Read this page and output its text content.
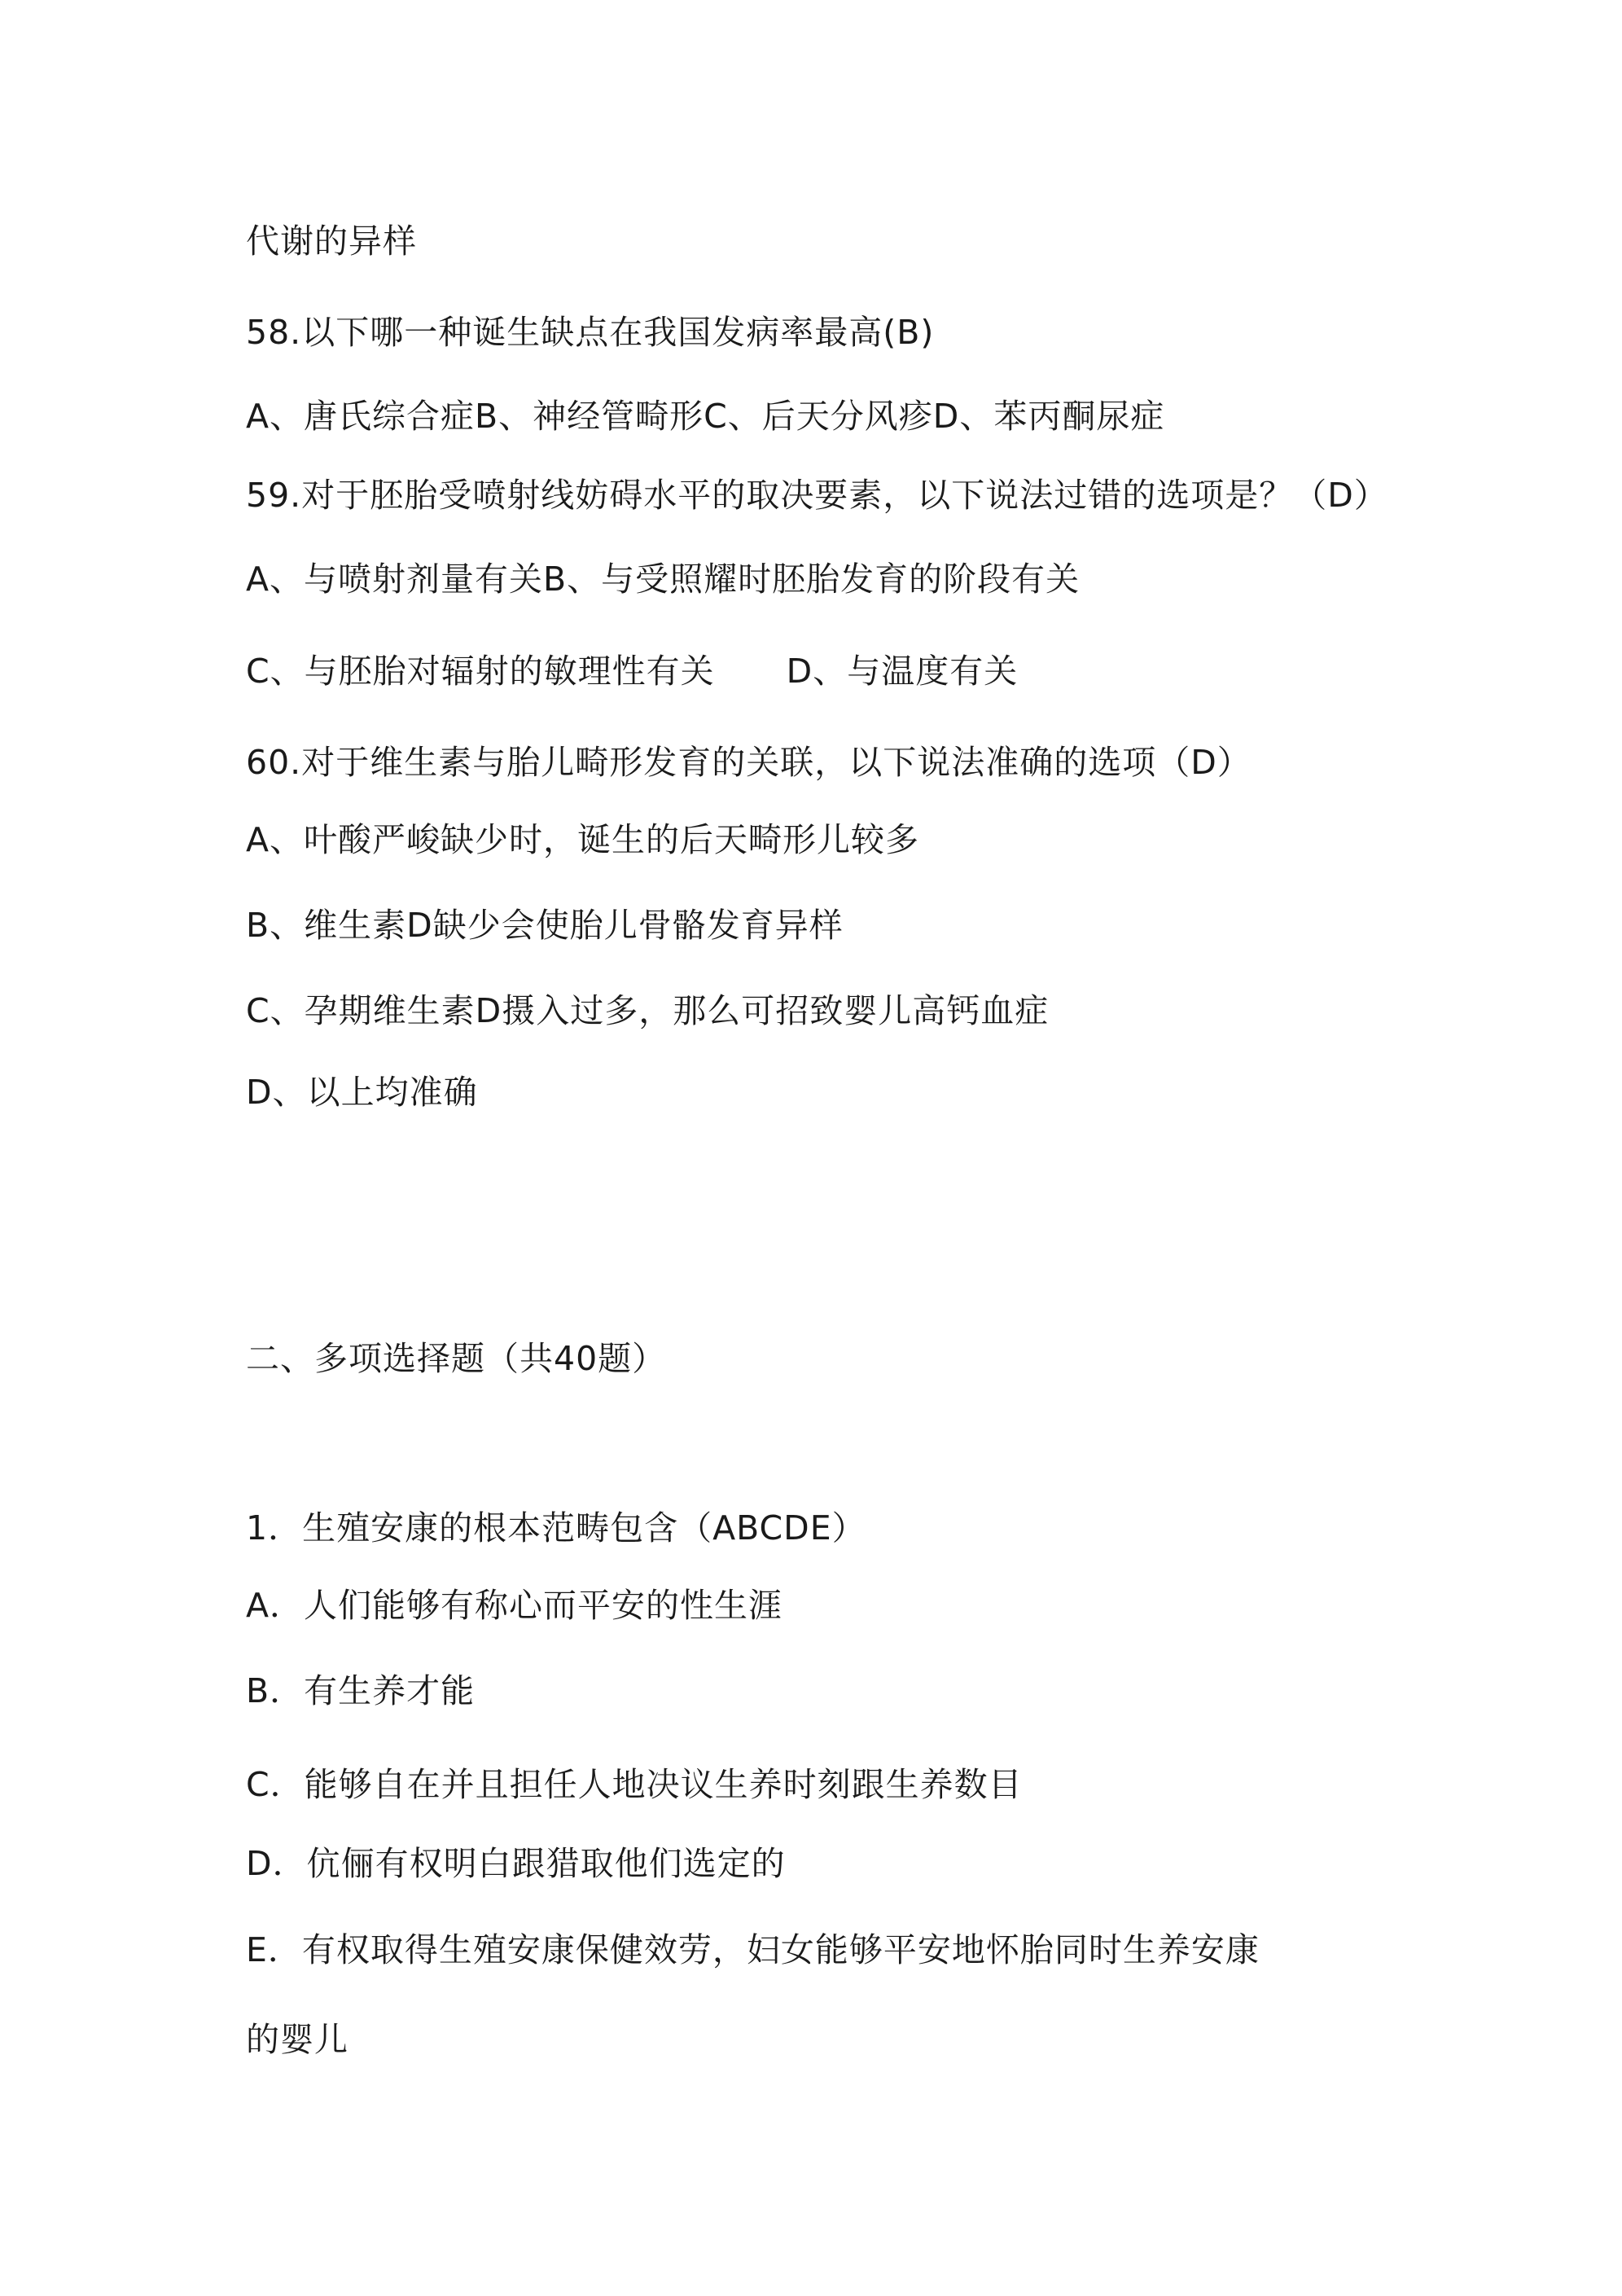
代谢的异样
58.以下哪一种诞生缺点在我国发病率最高(B)
A、唐氏综合症B、神经管畸形C、后天分风疹D、苯丙酮尿症
59.对于胚胎受喷射线妨碍水平的取决要素，以下说法过错的选项是？（D）
A、与喷射剂量有关B、与受照耀时胚胎发育的阶段有关
C、与胚胎对辐射的敏理性有关 D、与温度有关
60.对于维生素与胎儿畸形发育的关联，以下说法准确的选项（D）
A、叶酸严峻缺少时，诞生的后天畸形儿较多
B、维生素D缺少会使胎儿骨骼发育异样
C、孕期维生素D摄入过多，那么可招致婴儿高钙血症
D、以上均准确
二、多项选择题（共40题）
1．生殖安康的根本范畴包含（ABCDE）
A．人们能够有称心而平安的性生涯
B．有生养才能
C．能够自在并且担任人地决议生养时刻跟生养数目
D．伉俪有权明白跟猎取他们选定的
E．有权取得生殖安康保健效劳，妇女能够平安地怀胎同时生养安康
的婴儿
